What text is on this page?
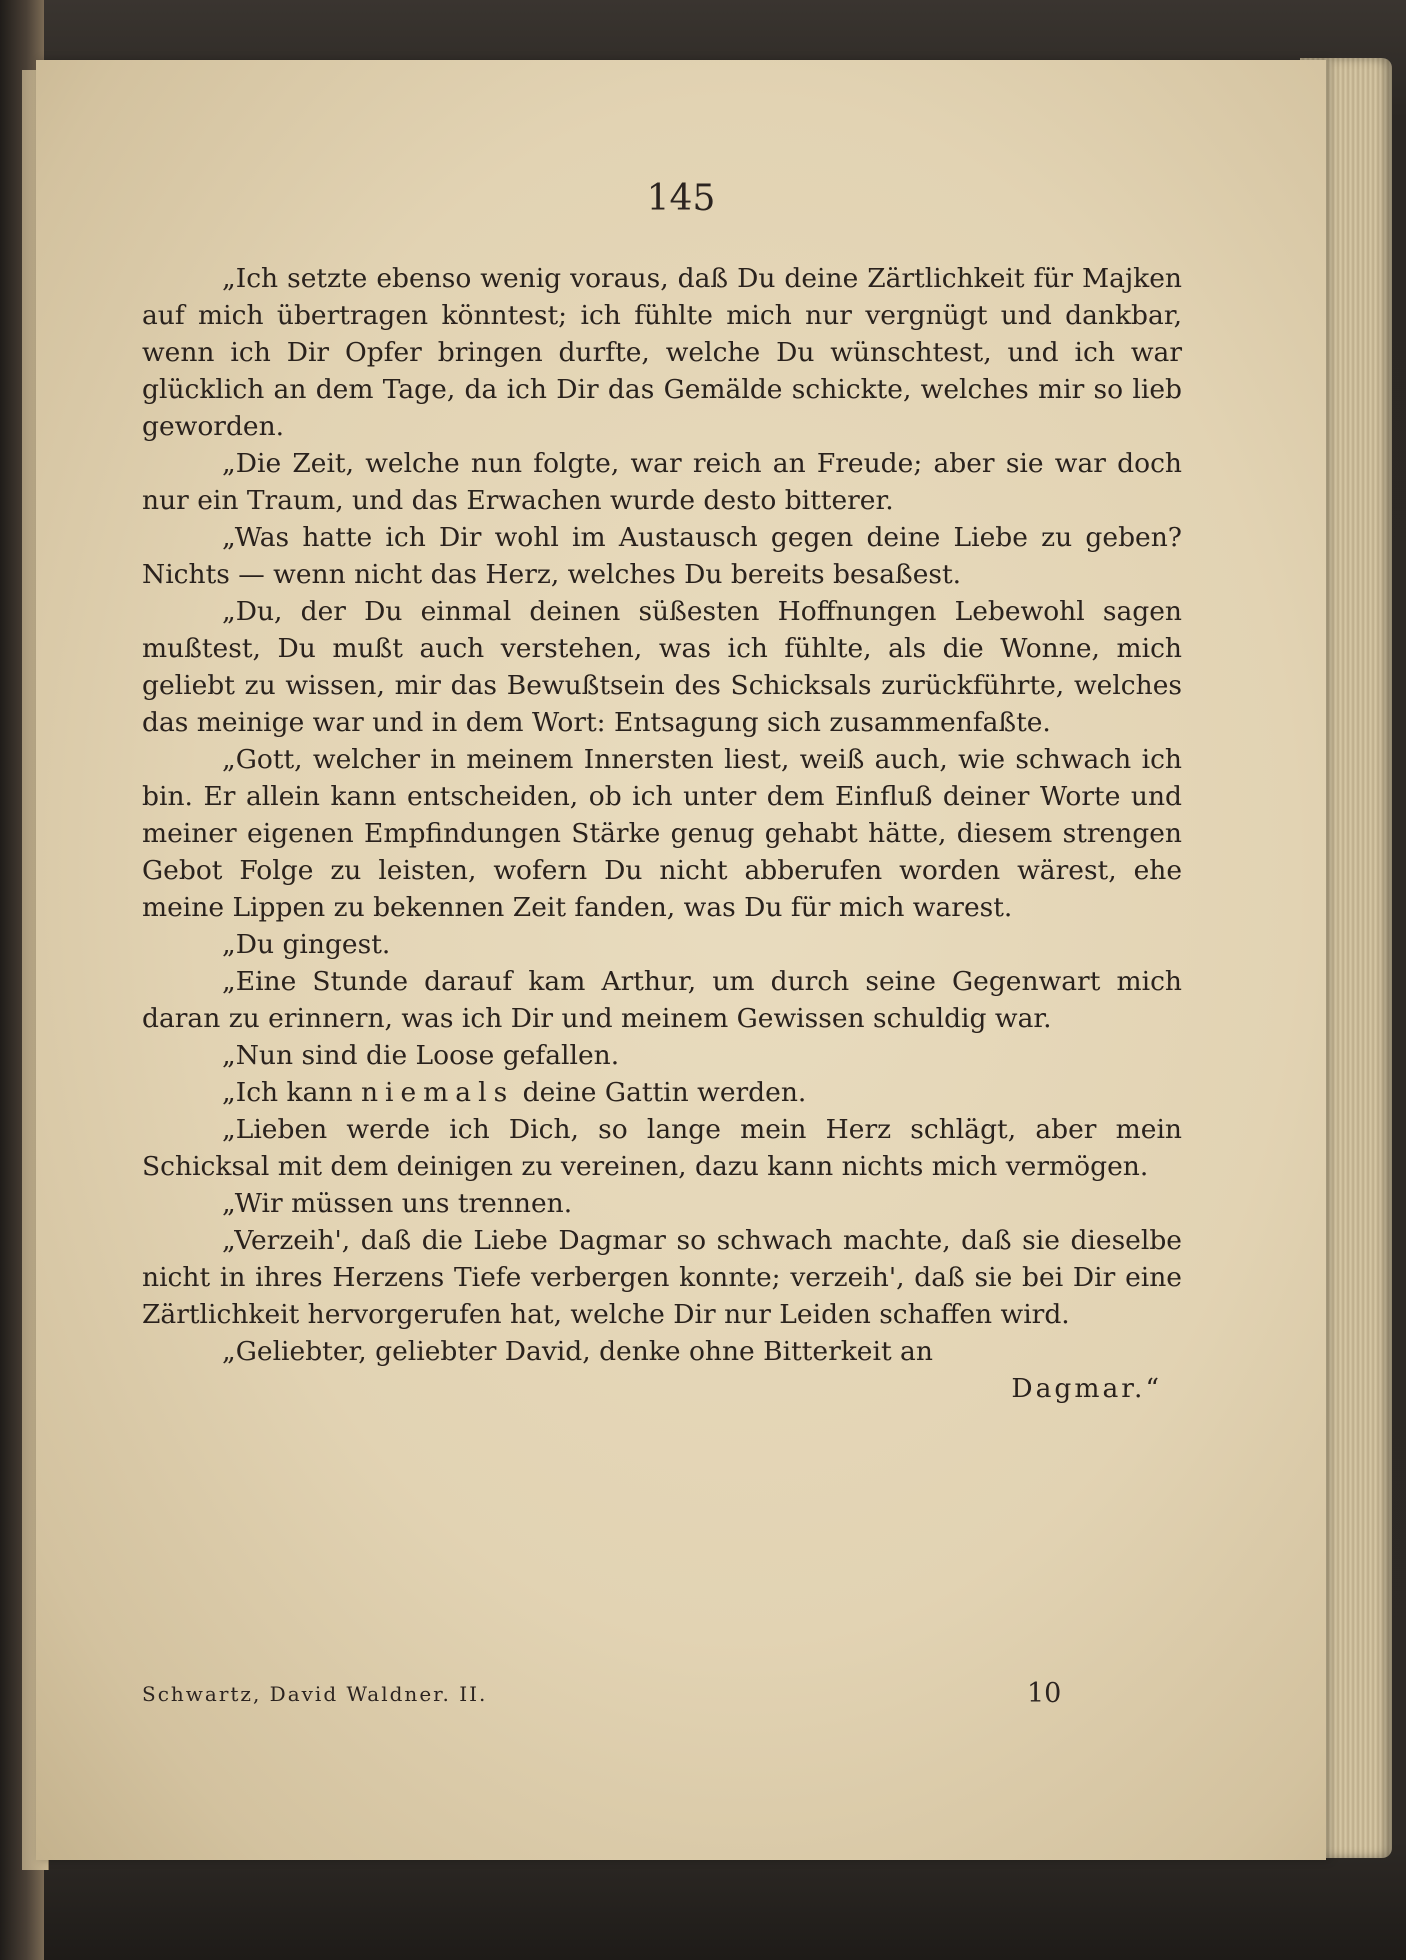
145

„Ich setzte ebenso wenig voraus, daß Du deine Zärtlichkeit für Majken auf mich übertragen könntest; ich fühlte mich nur vergnügt und dankbar, wenn ich Dir Opfer bringen durfte, welche Du wünschtest, und ich war glücklich an dem Tage, da ich Dir das Gemälde schickte, welches mir so lieb geworden.

„Die Zeit, welche nun folgte, war reich an Freude; aber sie war doch nur ein Traum, und das Erwachen wurde desto bitterer.

„Was hatte ich Dir wohl im Austausch gegen deine Liebe zu geben? Nichts — wenn nicht das Herz, welches Du bereits besaßest.

„Du, der Du einmal deinen süßesten Hoffnungen Lebewohl sagen mußtest, Du mußt auch verstehen, was ich fühlte, als die Wonne, mich geliebt zu wissen, mir das Bewußtsein des Schicksals zurückführte, welches das meinige war und in dem Wort: Entsagung sich zusammenfaßte.

„Gott, welcher in meinem Innersten liest, weiß auch, wie schwach ich bin. Er allein kann entscheiden, ob ich unter dem Einfluß deiner Worte und meiner eigenen Empfindungen Stärke genug gehabt hätte, diesem strengen Gebot Folge zu leisten, wofern Du nicht abberufen worden wärest, ehe meine Lippen zu bekennen Zeit fanden, was Du für mich warest.

„Du gingest.

„Eine Stunde darauf kam Arthur, um durch seine Gegenwart mich daran zu erinnern, was ich Dir und meinem Gewissen schuldig war.

„Nun sind die Loose gefallen.

„Ich kann niemals deine Gattin werden.

„Lieben werde ich Dich, so lange mein Herz schlägt, aber mein Schicksal mit dem deinigen zu vereinen, dazu kann nichts mich vermögen.

„Wir müssen uns trennen.

„Verzeih', daß die Liebe Dagmar so schwach machte, daß sie dieselbe nicht in ihres Herzens Tiefe verbergen konnte; verzeih', daß sie bei Dir eine Zärtlichkeit hervorgerufen hat, welche Dir nur Leiden schaffen wird.

„Geliebter, geliebter David, denke ohne Bitterkeit an

Dagmar.“

Schwartz, David Waldner. II.	10
